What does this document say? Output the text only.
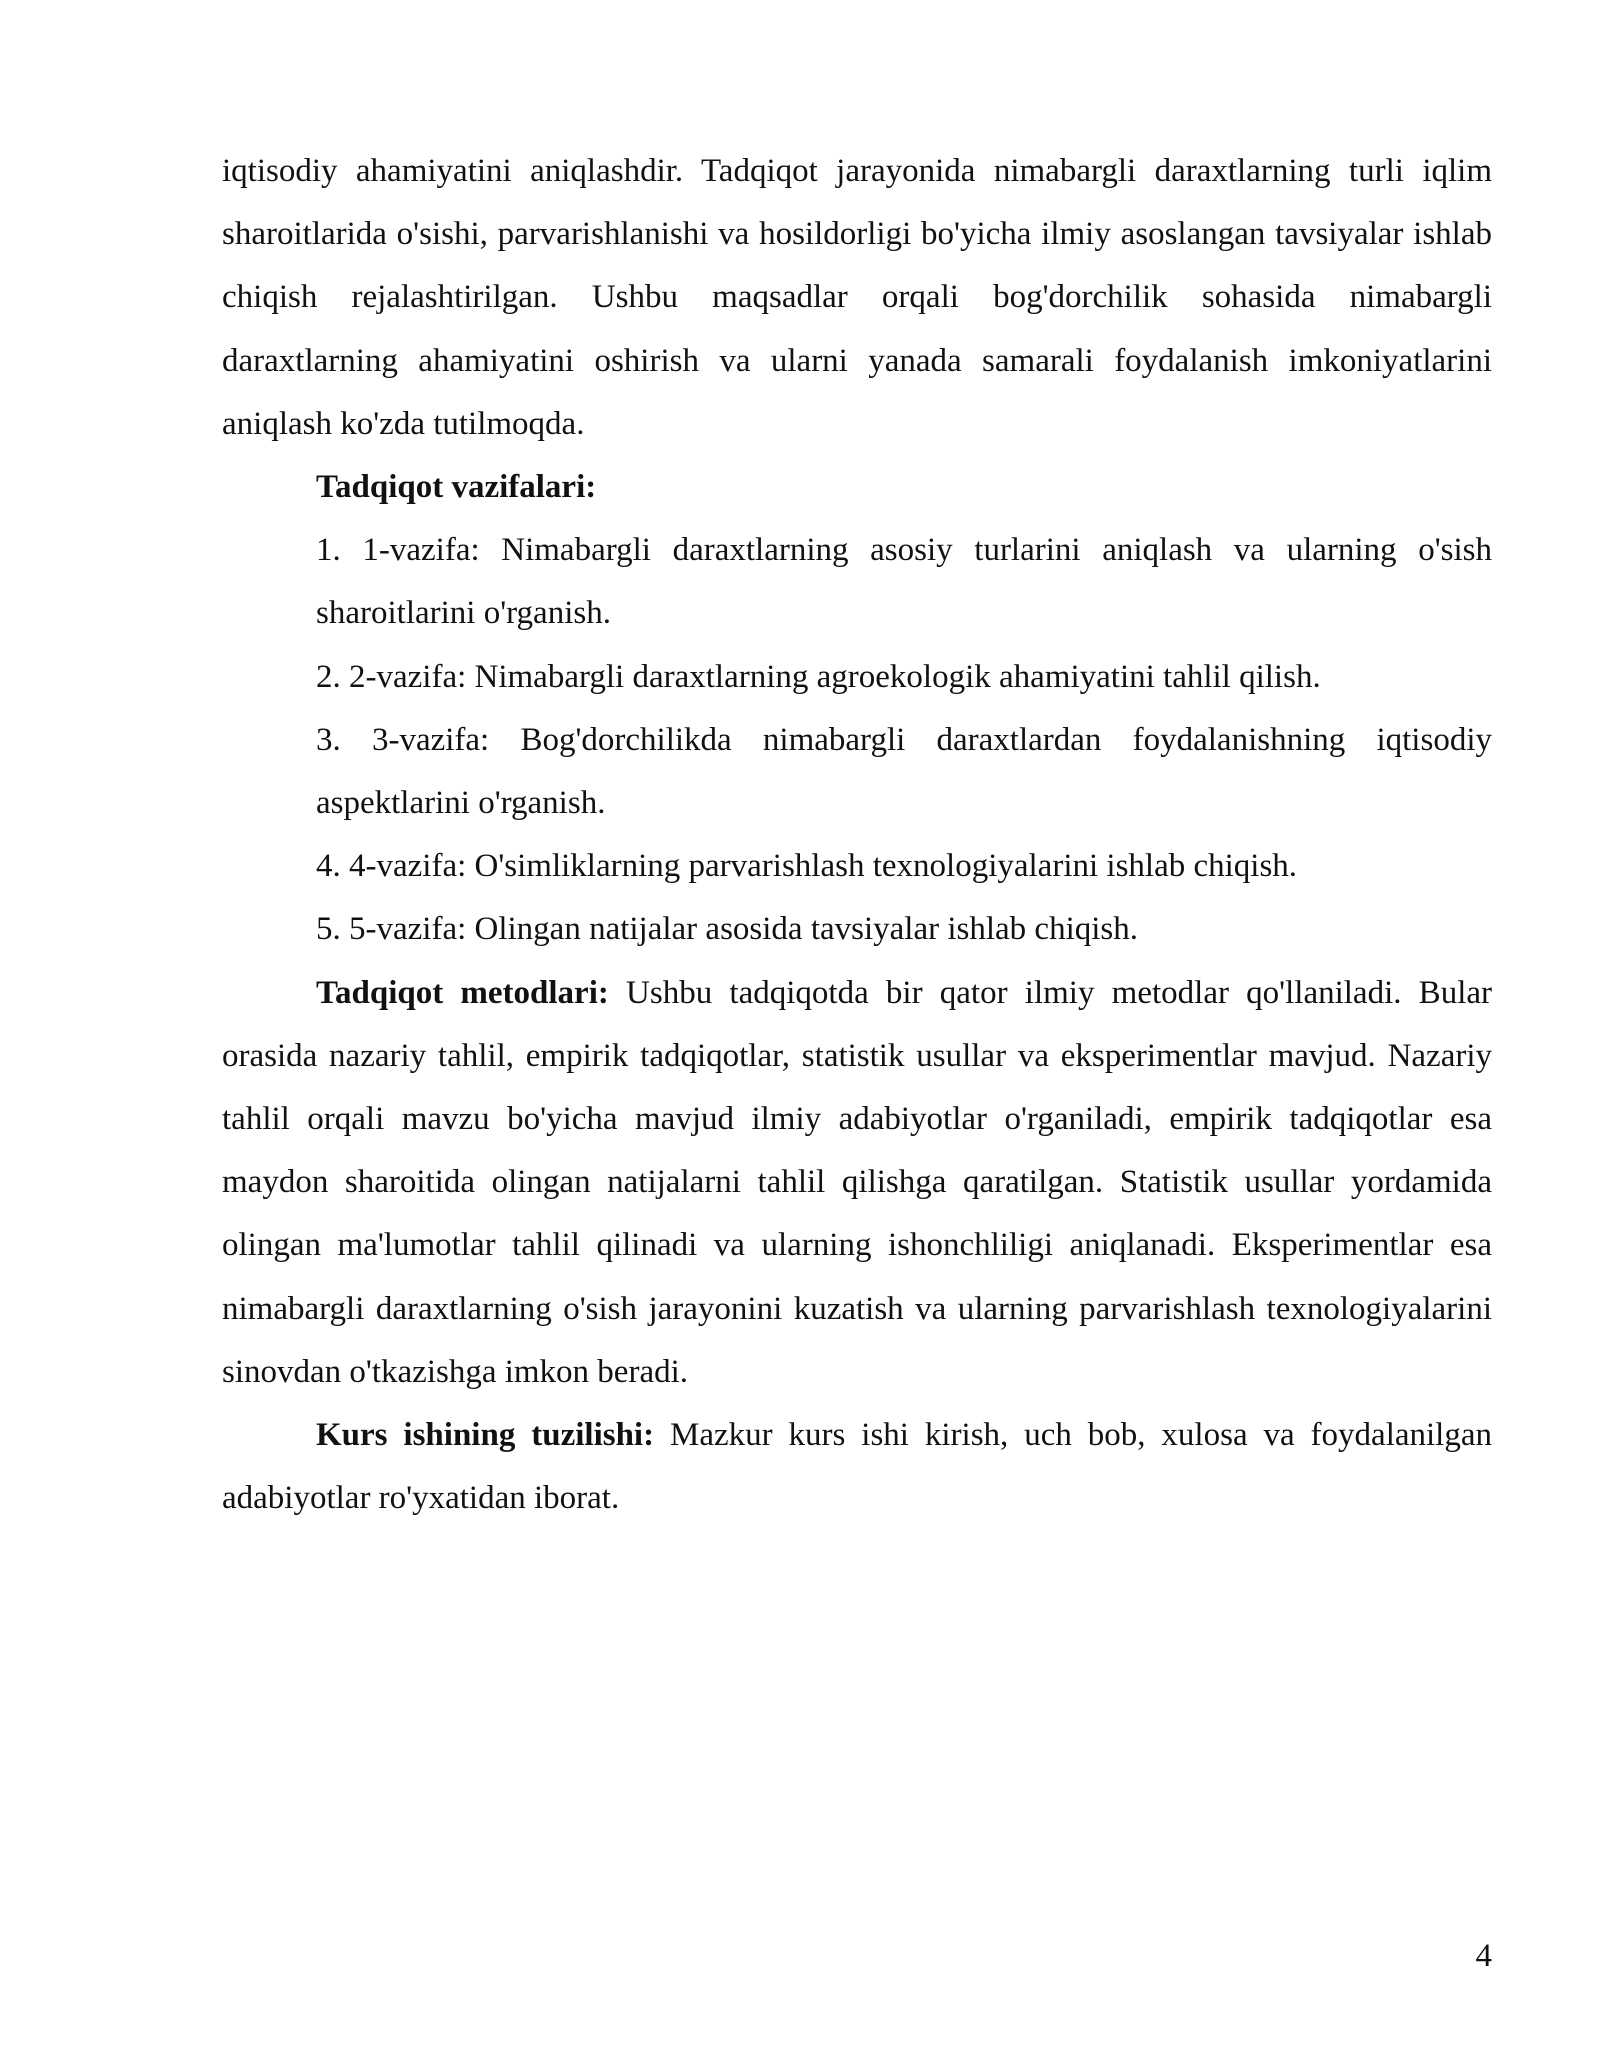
iqtisodiy ahamiyatini aniqlashdir. Tadqiqot jarayonida nimabargli daraxtlarning turli iqlim sharoitlarida o'sishi, parvarishlanishi va hosildorligi bo'yicha ilmiy asoslangan tavsiyalar ishlab chiqish rejalashtirilgan. Ushbu maqsadlar orqali bog'dorchilik sohasida nimabargli daraxtlarning ahamiyatini oshirish va ularni yanada samarali foydalanish imkoniyatlarini aniqlash ko'zda tutilmoqda.

Tadqiqot vazifalari:

1. 1-vazifa: Nimabargli daraxtlarning asosiy turlarini aniqlash va ularning o'sish sharoitlarini o'rganish.
2. 2-vazifa: Nimabargli daraxtlarning agroekologik ahamiyatini tahlil qilish.
3. 3-vazifa: Bog'dorchilikda nimabargli daraxtlardan foydalanishning iqtisodiy aspektlarini o'rganish.
4. 4-vazifa: O'simliklarning parvarishlash texnologiyalarini ishlab chiqish.
5. 5-vazifa: Olingan natijalar asosida tavsiyalar ishlab chiqish.

Tadqiqot metodlari: Ushbu tadqiqotda bir qator ilmiy metodlar qo'llaniladi. Bular orasida nazariy tahlil, empirik tadqiqotlar, statistik usullar va eksperimentlar mavjud. Nazariy tahlil orqali mavzu bo'yicha mavjud ilmiy adabiyotlar o'rganiladi, empirik tadqiqotlar esa maydon sharoitida olingan natijalarni tahlil qilishga qaratilgan. Statistik usullar yordamida olingan ma'lumotlar tahlil qilinadi va ularning ishonchliligi aniqlanadi. Eksperimentlar esa nimabargli daraxtlarning o'sish jarayonini kuzatish va ularning parvarishlash texnologiyalarini sinovdan o'tkazishga imkon beradi.

Kurs ishining tuzilishi: Mazkur kurs ishi kirish, uch bob, xulosa va foydalanilgan adabiyotlar ro'yxatidan iborat.

4
